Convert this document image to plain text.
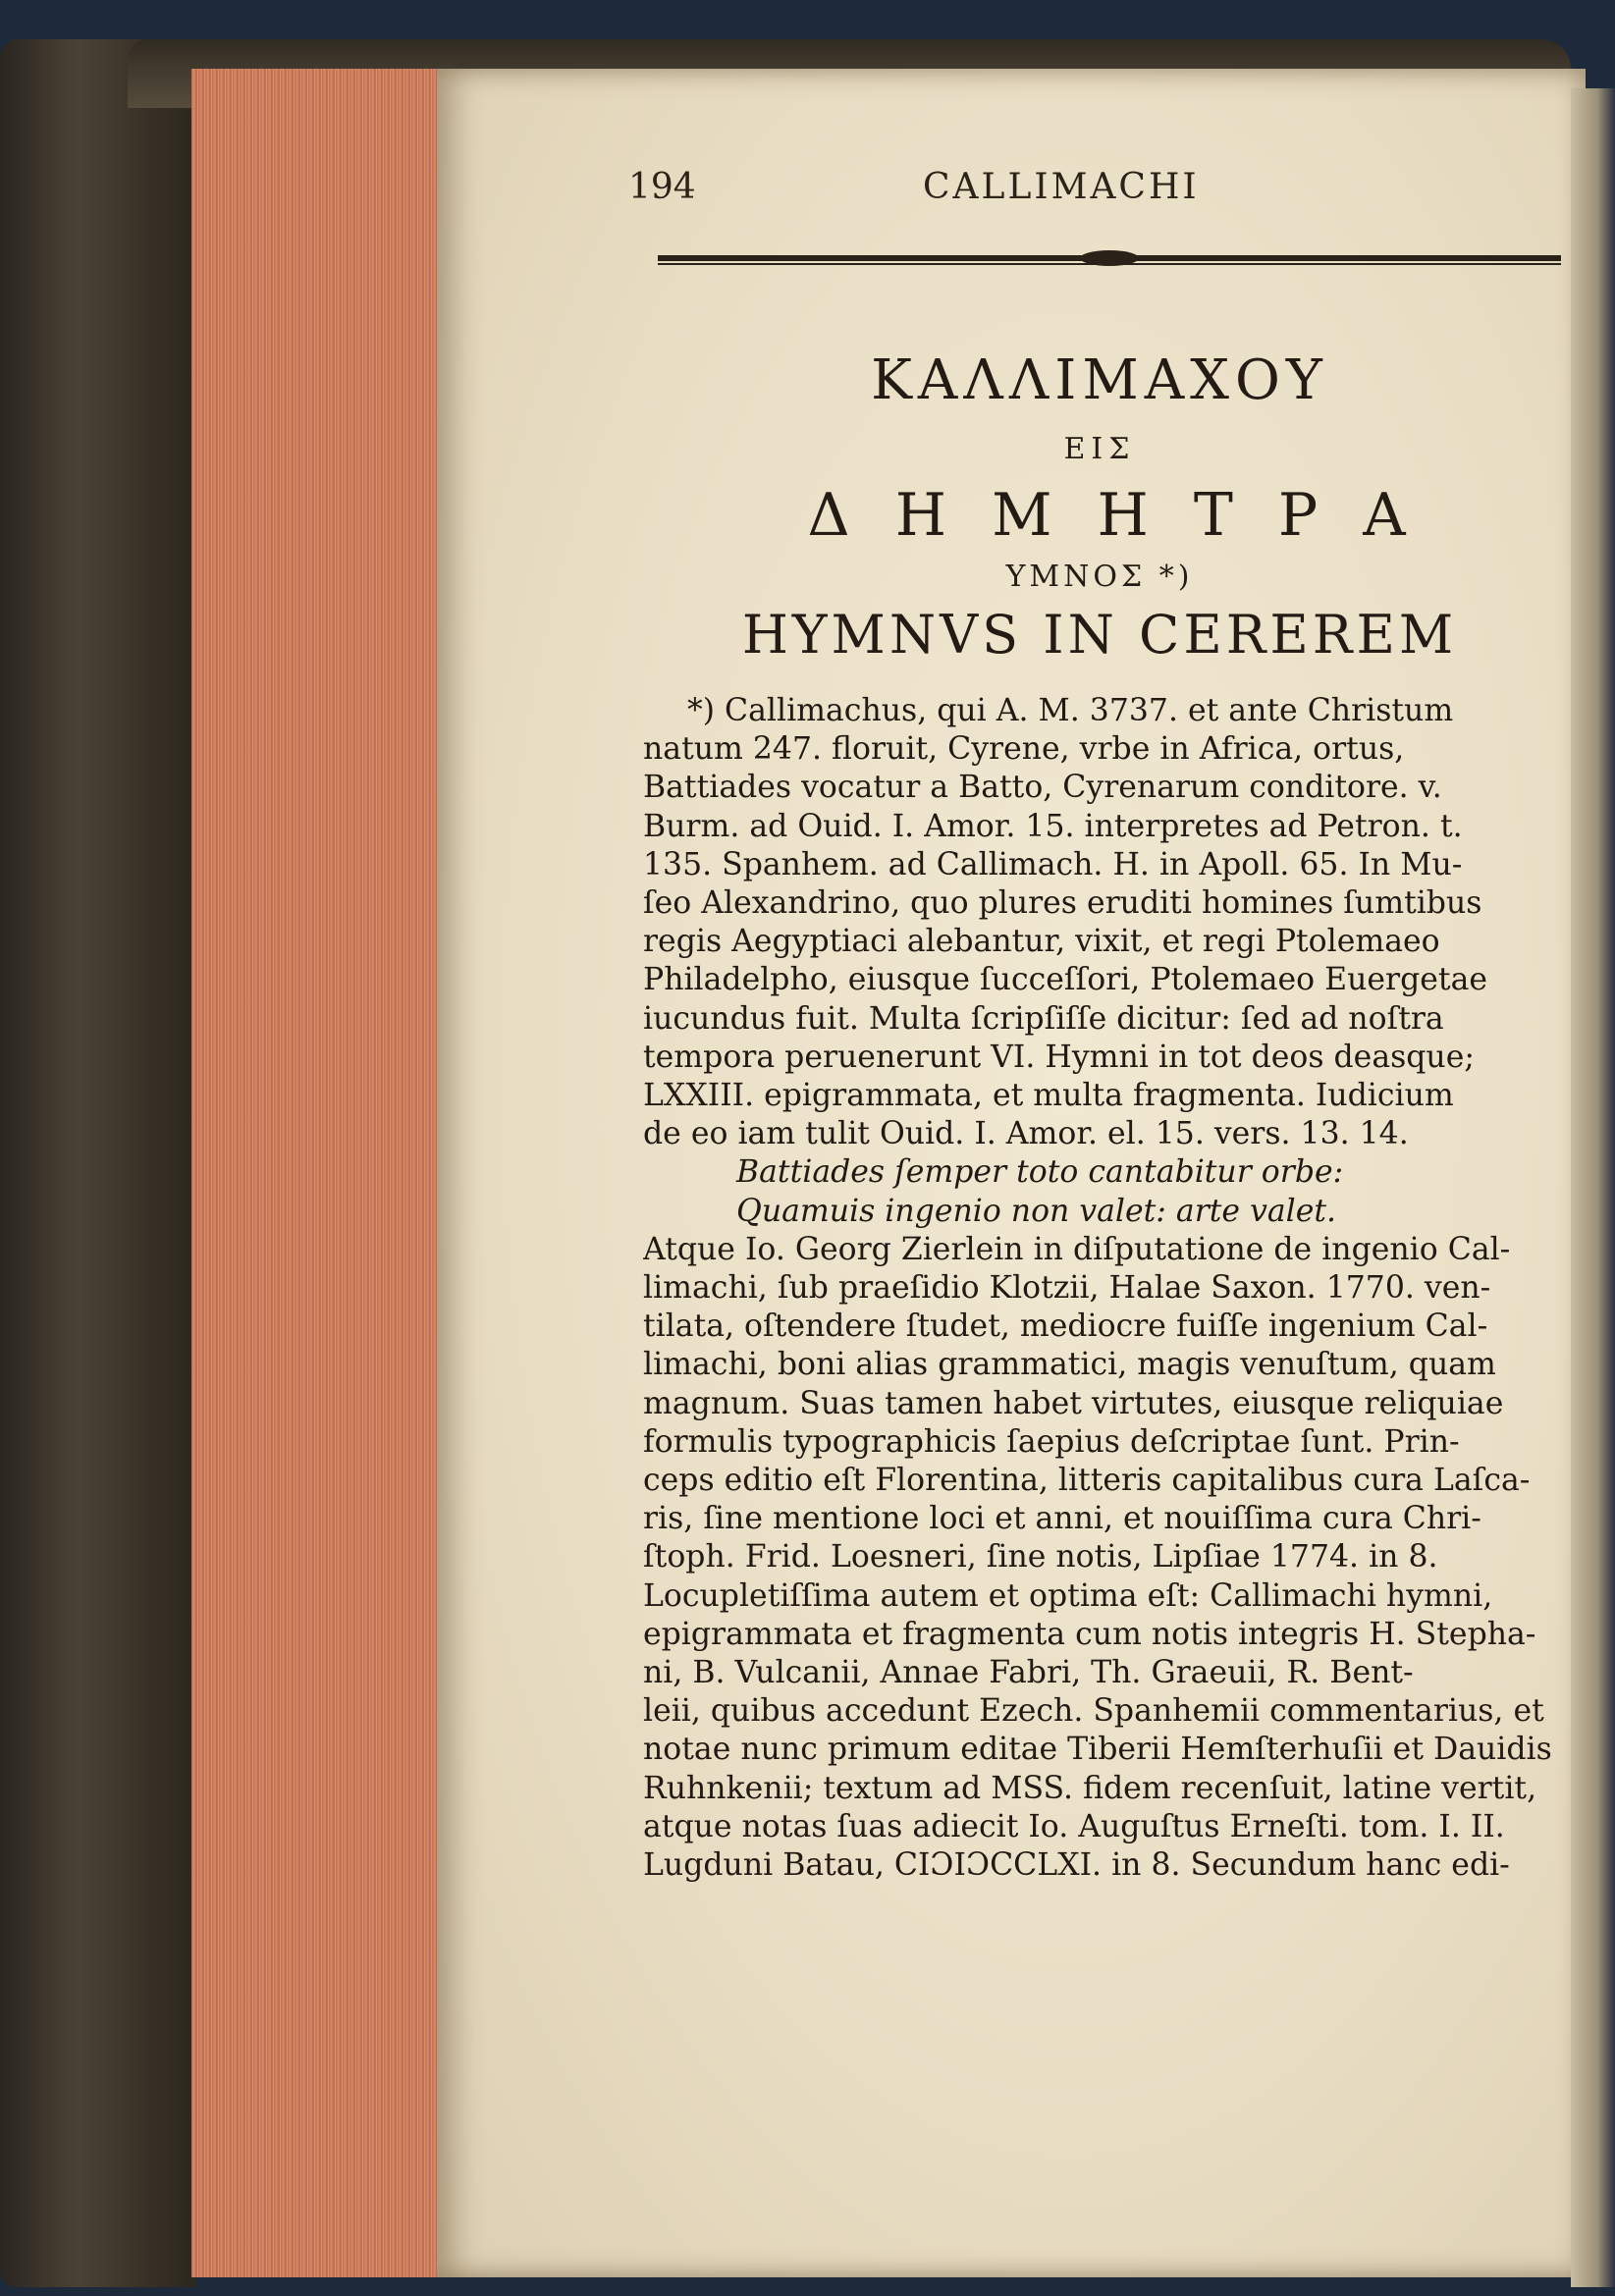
194	CALLIMACHI
ΚΑΛΛΙΜΑΧΟΥ
ΕΙΣ
ΔΗΜΗΤΡΑ
ΥΜΝΟΣ *)
HYMNVS IN CEREREM
*) Callimachus, qui A. M. 3737. et ante Christum
natum 247. floruit, Cyrene, vrbe in Africa, ortus,
Battiades vocatur a Batto, Cyrenarum conditore. v.
Burm. ad Ouid. I. Amor. 15. interpretes ad Petron. t.
135. Spanhem. ad Callimach. H. in Apoll. 65. In Mu-
ſeo Alexandrino, quo plures eruditi homines ſumtibus
regis Aegyptiaci alebantur, vixit, et regi Ptolemaeo
Philadelpho, eiusque ſucceſſori, Ptolemaeo Euergetae
iucundus fuit. Multa ſcripſiſſe dicitur: ſed ad noſtra
tempora peruenerunt VI. Hymni in tot deos deasque;
LXXIII. epigrammata, et multa fragmenta. Iudicium
de eo iam tulit Ouid. I. Amor. el. 15. vers. 13. 14.
Battiades ſemper toto cantabitur orbe:
Quamuis ingenio non valet: arte valet.
Atque Io. Georg Zierlein in diſputatione de ingenio Cal-
limachi, ſub praeſidio Klotzii, Halae Saxon. 1770. ven-
tilata, oſtendere ſtudet, mediocre fuiſſe ingenium Cal-
limachi, boni alias grammatici, magis venuſtum, quam
magnum. Suas tamen habet virtutes, eiusque reliquiae
formulis typographicis ſaepius deſcriptae ſunt. Prin-
ceps editio eſt Florentina, litteris capitalibus cura Laſca-
ris, ſine mentione loci et anni, et nouiſſima cura Chri-
ſtoph. Frid. Loesneri, ſine notis, Lipſiae 1774. in 8.
Locupletiſſima autem et optima eſt: Callimachi hymni,
epigrammata et fragmenta cum notis integris H. Stepha-
ni, B. Vulcanii, Annae Fabri, Th. Graeuii, R. Bent-
leii, quibus accedunt Ezech. Spanhemii commentarius, et
notae nunc primum editae Tiberii Hemſterhuſii et Dauidis
Ruhnkenii; textum ad MSS. fidem recenſuit, latine vertit,
atque notas ſuas adiecit Io. Auguſtus Erneſti. tom. I. II.
Lugduni Batau, CIƆIƆCCLXI. in 8. Secundum hanc edi-
